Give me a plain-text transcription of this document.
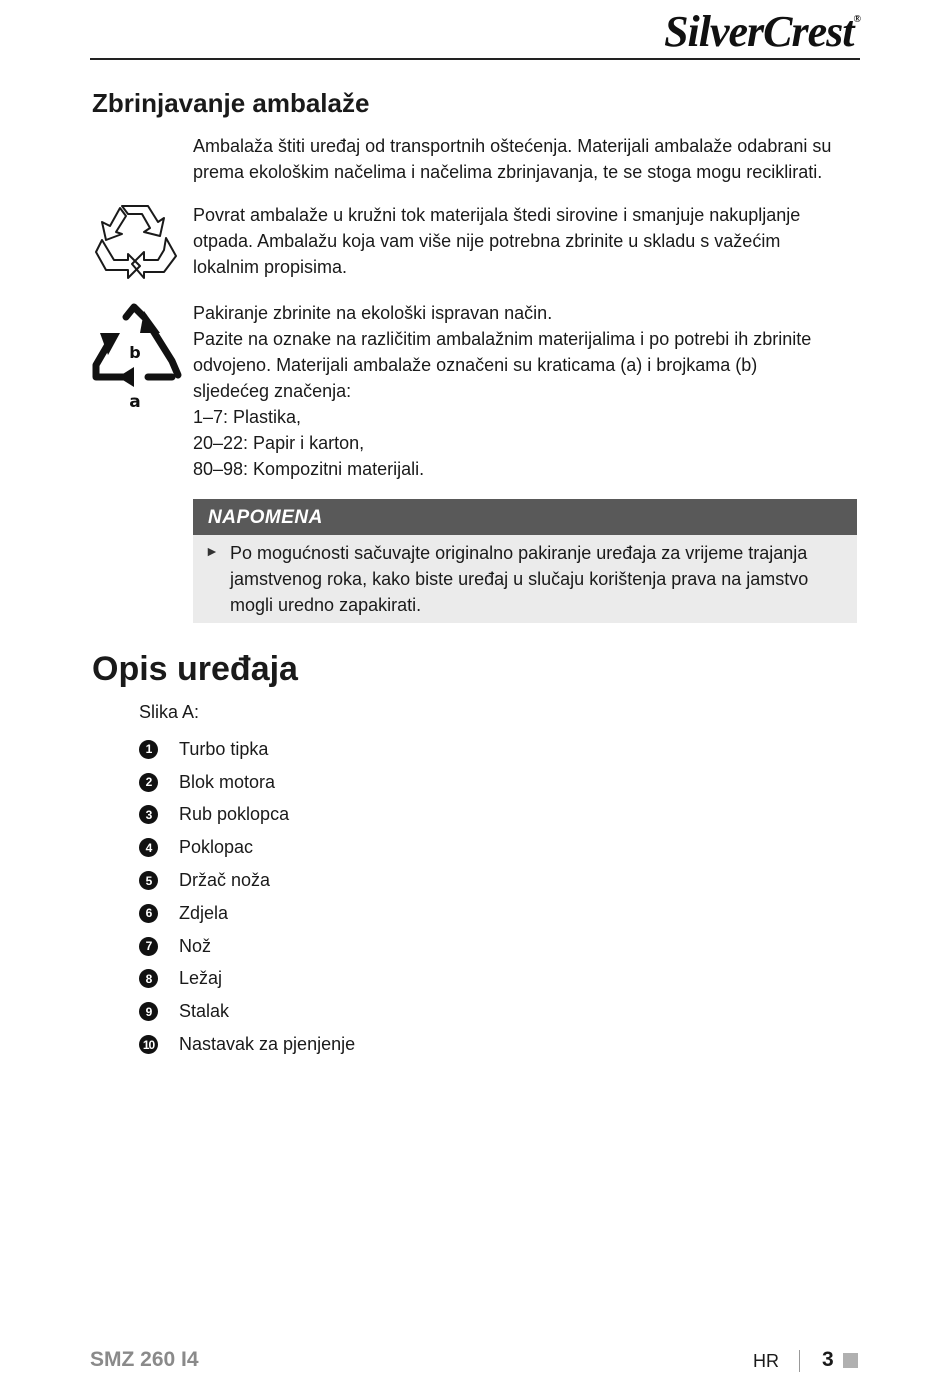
SilverCrest®
Zbrinjavanje ambalaže

Ambalaža štiti uređaj od transportnih oštećenja. Materijali ambalaže odabrani su
prema ekološkim načelima i načelima zbrinjavanja, te se stoga mogu reciklirati.

Povrat ambalaže u kružni tok materijala štedi sirovine i smanjuje nakupljanje
otpada. Ambalažu koja vam više nije potrebna zbrinite u skladu s važećim
lokalnim propisima.

b
a

Pakiranje zbrinite na ekološki ispravan način.
Pazite na oznake na različitim ambalažnim materijalima i po potrebi ih zbrinite
odvojeno. Materijali ambalaže označeni su kraticama (a) i brojkama (b)
sljedećeg značenja:
1–7: Plastika,
20–22: Papir i karton,
80–98: Kompozitni materijali.

NAPOMENA
► Po mogućnosti sačuvajte originalno pakiranje uređaja za vrijeme trajanja
jamstvenog roka, kako biste uređaj u slučaju korištenja prava na jamstvo
mogli uredno zapakirati.
Opis uređaja
Slika A:
1	Turbo tipka
2	Blok motora
3	Rub poklopca
4	Poklopac
5	Držač noža
6	Zdjela
7	Nož
8	Ležaj
9	Stalak
10 Nastavak za pjenjenje
SMZ 260 I4	HR 3
